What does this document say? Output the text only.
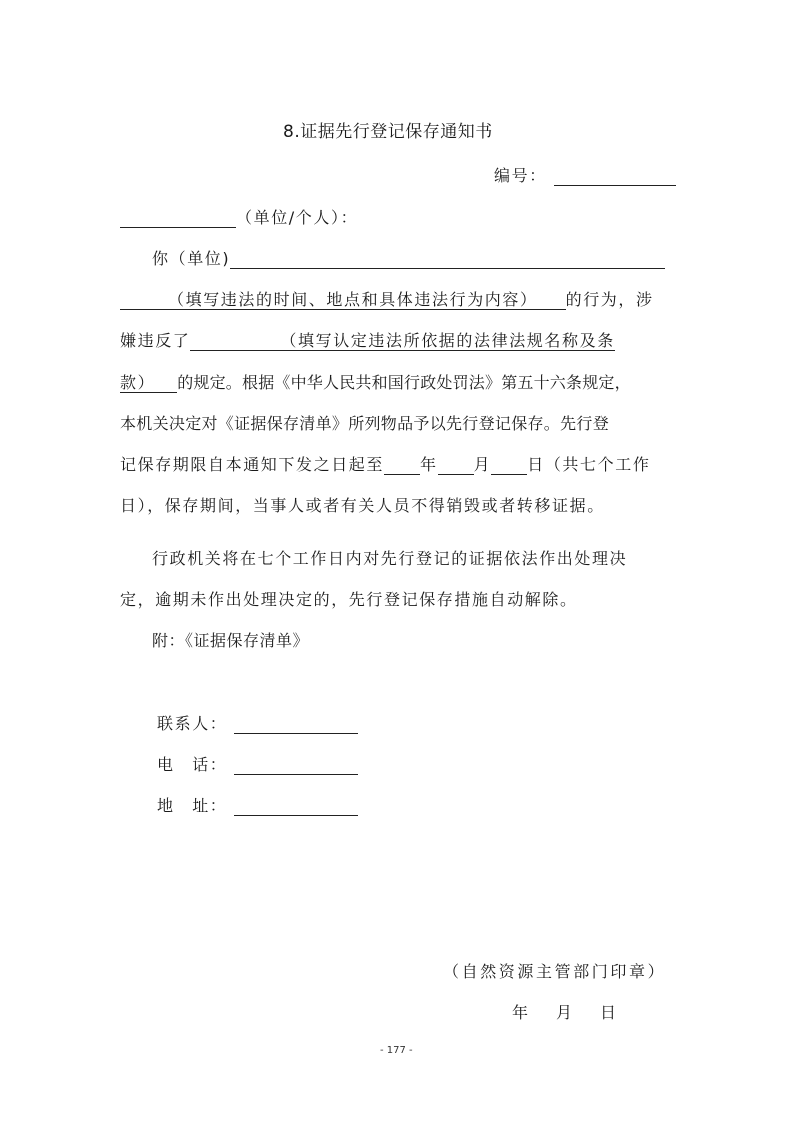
8.证据先行登记保存通知书
编号：
（单位/个人）：
你（单位)
（填写违法的时间、地点和具体违法行为内容） 的行为，涉
嫌违反了	（填写认定违法所依据的法律法规名称及条
款） 的规定。根据《中华人民共和国行政处罚法》第五十六条规定，
本机关决定对《证据保存清单》所列物品予以先行登记保存。先行登
记保存期限自本通知下发之日起至 年 月 日（共七个工作
日），保存期间，当事人或者有关人员不得销毁或者转移证据。
行政机关将在七个工作日内对先行登记的证据依法作出处理决
定，逾期未作出处理决定的，先行登记保存措施自动解除。
附：《证据保存清单》
联系人：
电　话：
地　址：
（自然资源主管部门印章）
年　月　日
- 177 -
